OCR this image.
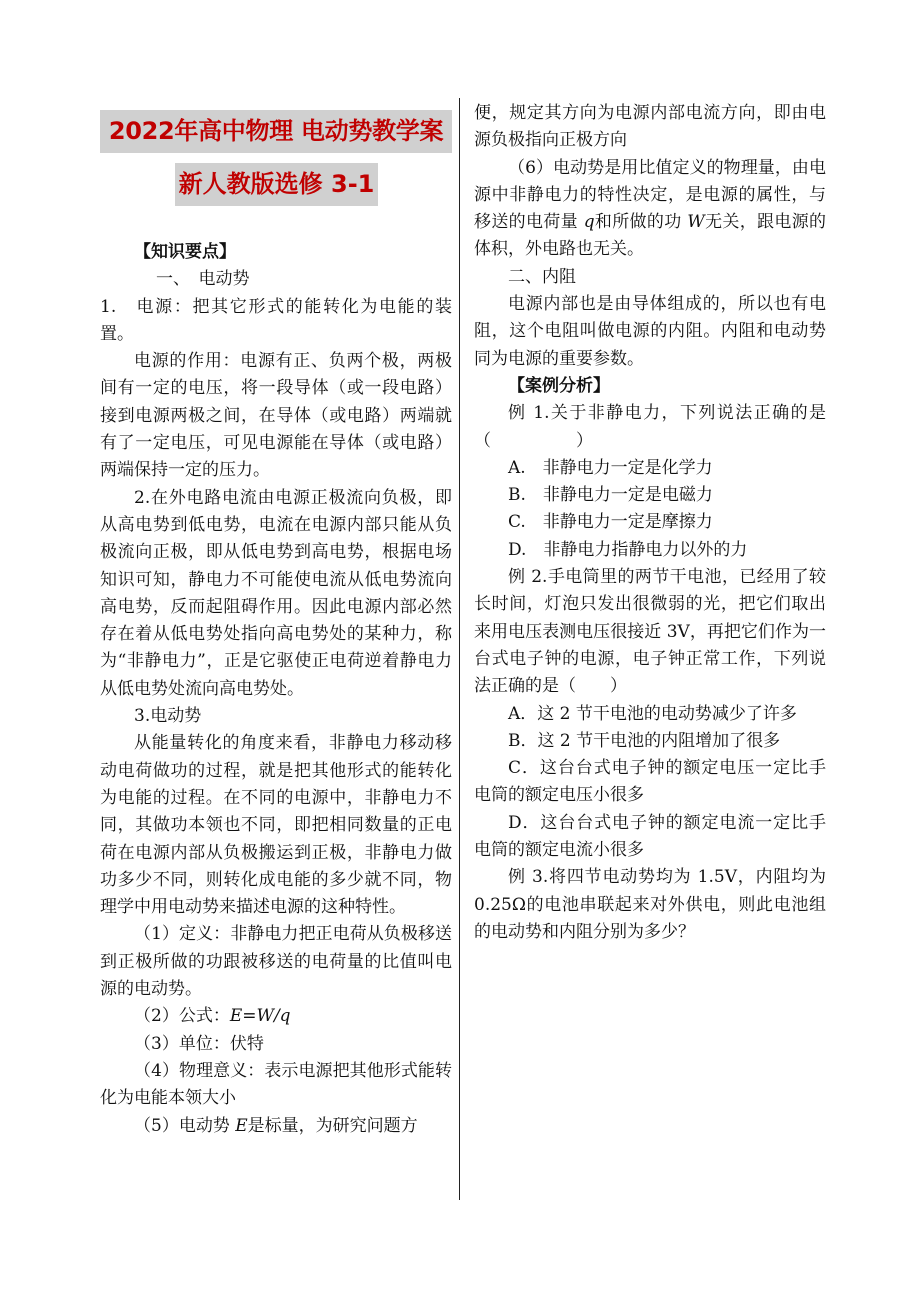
2022年高中物理 电动势教学案
新人教版选修 3-1

【知识要点】

一、　电动势

1.　电源：把其它形式的能转化为电能的装置。

电源的作用：电源有正、负两个极，两极间有一定的电压，将一段导体（或一段电路）接到电源两极之间，在导体（或电路）两端就有了一定电压，可见电源能在导体（或电路）两端保持一定的压力。

2.在外电路电流由电源正极流向负极，即从高电势到低电势，电流在电源内部只能从负极流向正极，即从低电势到高电势，根据电场知识可知，静电力不可能使电流从低电势流向高电势，反而起阻碍作用。因此电源内部必然存在着从低电势处指向高电势处的某种力，称为“非静电力”，正是它驱使正电荷逆着静电力从低电势处流向高电势处。

3.电动势

从能量转化的角度来看，非静电力移动移动电荷做功的过程，就是把其他形式的能转化为电能的过程。在不同的电源中，非静电力不同，其做功本领也不同，即把相同数量的正电荷在电源内部从负极搬运到正极，非静电力做功多少不同，则转化成电能的多少就不同，物理学中用电动势来描述电源的这种特性。

（1）定义：非静电力把正电荷从负极移送到正极所做的功跟被移送的电荷量的比值叫电源的电动势。

（2）公式：E=W/q

（3）单位：伏特

（4）物理意义：表示电源把其他形式能转化为电能本领大小

（5）电动势 E是标量，为研究问题方

便，规定其方向为电源内部电流方向，即由电源负极指向正极方向

（6）电动势是用比值定义的物理量，由电源中非静电力的特性决定，是电源的属性，与移送的电荷量 q和所做的功 W无关，跟电源的体积，外电路也无关。

二、内阻

电源内部也是由导体组成的，所以也有电阻，这个电阻叫做电源的内阻。内阻和电动势同为电源的重要参数。

【案例分析】

例 1.关于非静电力，下列说法正确的是（　　　　　）

A.　非静电力一定是化学力

B.　非静电力一定是电磁力

C.　非静电力一定是摩擦力

D.　非静电力指静电力以外的力

例 2.手电筒里的两节干电池，已经用了较长时间，灯泡只发出很微弱的光，把它们取出来用电压表测电压很接近 3V，再把它们作为一台式电子钟的电源，电子钟正常工作，下列说法正确的是（　　）

A．这 2 节干电池的电动势减少了许多

B．这 2 节干电池的内阻增加了很多

C．这台台式电子钟的额定电压一定比手电筒的额定电压小很多

D．这台台式电子钟的额定电流一定比手电筒的额定电流小很多

例 3.将四节电动势均为 1.5V，内阻均为 0.25Ω的电池串联起来对外供电，则此电池组的电动势和内阻分别为多少？
